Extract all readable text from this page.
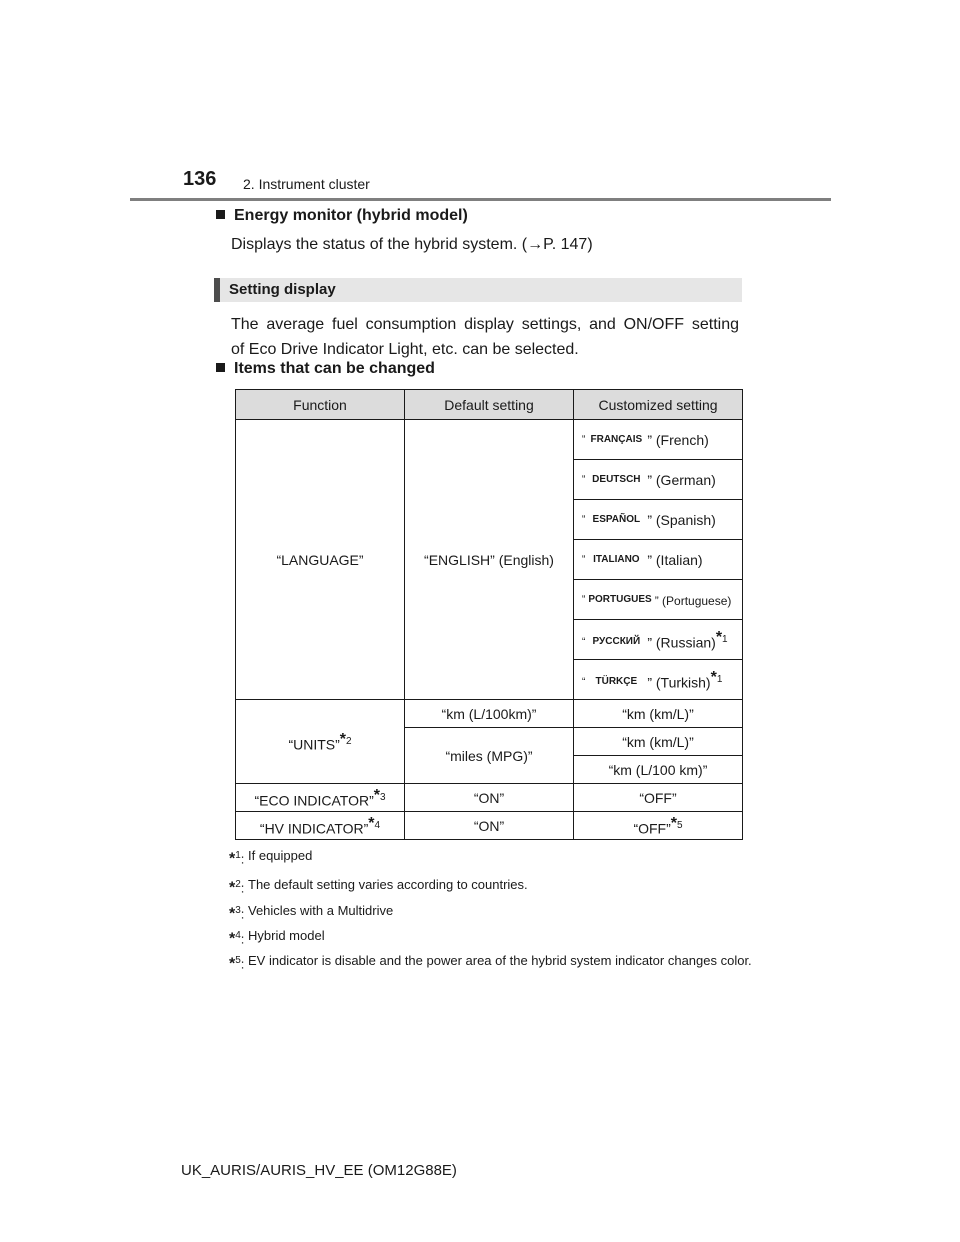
136 2. Instrument cluster
Energy monitor (hybrid model)
Displays the status of the hybrid system. (→P. 147)
Setting display
The average fuel consumption display settings, and ON/OFF setting
of Eco Drive Indicator Light, etc. can be selected.
Items that can be changed
Function	Default setting	Customized setting
“LANGUAGE”	“ENGLISH” (English)	“ FRANÇAIS ” (French)
		“ DEUTSCH ” (German)
		“ ESPAÑOL ” (Spanish)
		“ ITALIANO ” (Italian)
		“ PORTUGUES ” (Portuguese)
		“ РУССКИЙ ” (Russian)$^{*1}$
		“ TÜRKÇE ” (Turkish)$^{*1}$
“UNITS”$^{*2}$	“km (L/100km)”	“km (km/L)”
	“miles (MPG)”	“km (km/L)”
		“km (L/100 km)”
“ECO INDICATOR”$^{*3}$	“ON”	“OFF”
“HV INDICATOR”$^{*4}$	“ON”	“OFF”$^{*5}$
*$^1$: If equipped
*$^2$: The default setting varies according to countries.
*$^3$: Vehicles with a Multidrive
*$^4$: Hybrid model
*$^5$: EV indicator is disable and the power area of the hybrid system indicator changes color.
UK_AURIS/AURIS_HV_EE (OM12G88E)
